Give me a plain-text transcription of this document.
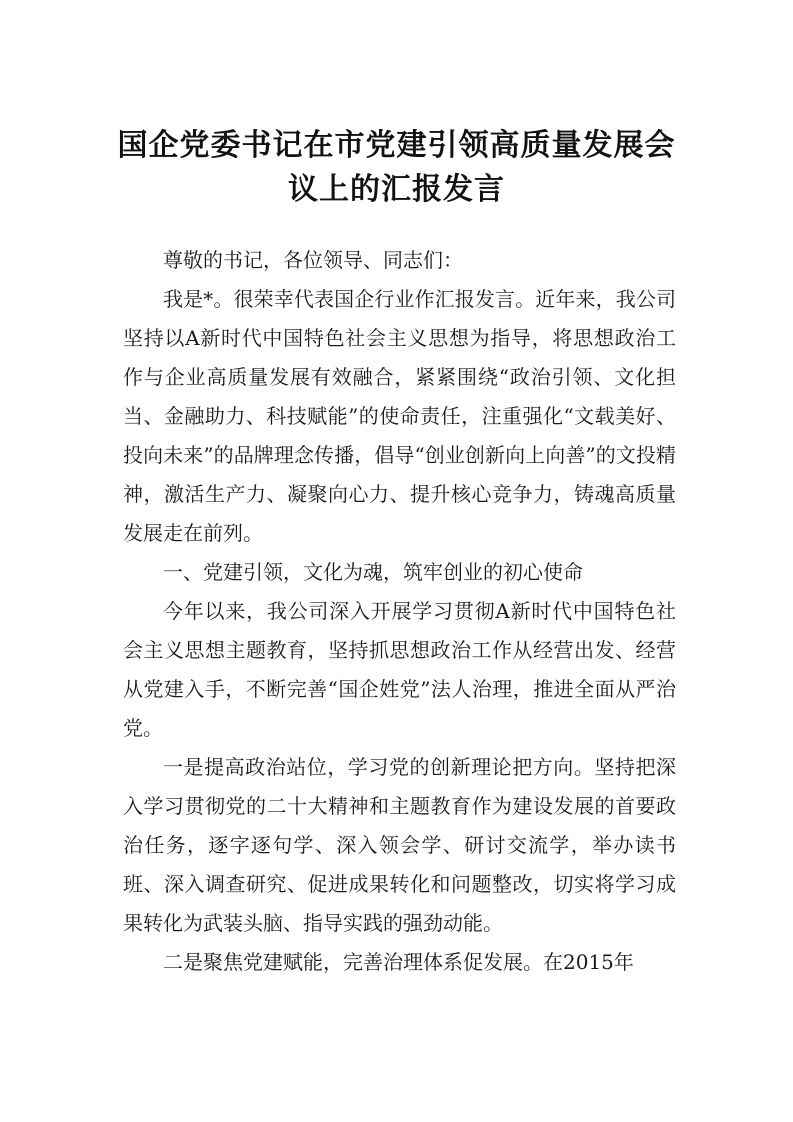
国企党委书记在市党建引领高质量发展会
议上的汇报发言

尊敬的书记，各位领导、同志们：

我是*。很荣幸代表国企行业作汇报发言。近年来，我公司坚持以A新时代中国特色社会主义思想为指导，将思想政治工作与企业高质量发展有效融合，紧紧围绕“政治引领、文化担当、金融助力、科技赋能”的使命责任，注重强化“文载美好、投向未来”的品牌理念传播，倡导“创业创新向上向善”的文投精神，激活生产力、凝聚向心力、提升核心竞争力，铸魂高质量发展走在前列。

一、党建引领，文化为魂，筑牢创业的初心使命

今年以来，我公司深入开展学习贯彻A新时代中国特色社会主义思想主题教育，坚持抓思想政治工作从经营出发、经营从党建入手，不断完善“国企姓党”法人治理，推进全面从严治党。

一是提高政治站位，学习党的创新理论把方向。坚持把深入学习贯彻党的二十大精神和主题教育作为建设发展的首要政治任务，逐字逐句学、深入领会学、研讨交流学，举办读书班、深入调查研究、促进成果转化和问题整改，切实将学习成果转化为武装头脑、指导实践的强劲动能。

二是聚焦党建赋能，完善治理体系促发展。在2015年
